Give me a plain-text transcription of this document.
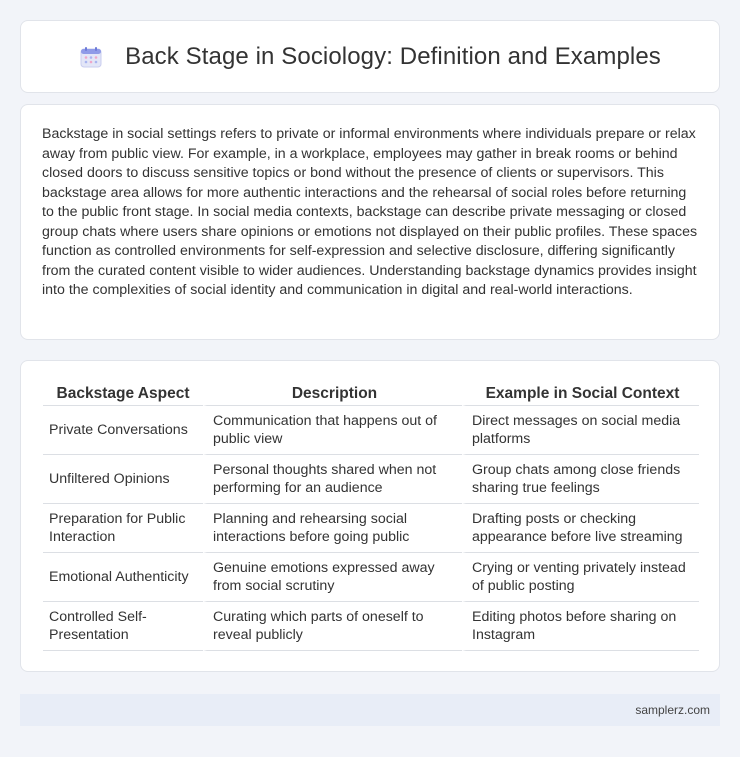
Back Stage in Sociology: Definition and Examples

Backstage in social settings refers to private or informal environments where individuals prepare or relax away from public view. For example, in a workplace, employees may gather in break rooms or behind closed doors to discuss sensitive topics or bond without the presence of clients or supervisors. This backstage area allows for more authentic interactions and the rehearsal of social roles before returning to the public front stage. In social media contexts, backstage can describe private messaging or closed group chats where users share opinions or emotions not displayed on their public profiles. These spaces function as controlled environments for self-expression and selective disclosure, differing significantly from the curated content visible to wider audiences. Understanding backstage dynamics provides insight into the complexities of social identity and communication in digital and real-world interactions.

Backstage Aspect	Description	Example in Social Context
Private Conversations	Communication that happens out of public view	Direct messages on social media platforms
Unfiltered Opinions	Personal thoughts shared when not performing for an audience	Group chats among close friends sharing true feelings
Preparation for Public Interaction	Planning and rehearsing social interactions before going public	Drafting posts or checking appearance before live streaming
Emotional Authenticity	Genuine emotions expressed away from social scrutiny	Crying or venting privately instead of public posting
Controlled Self-Presentation	Curating which parts of oneself to reveal publicly	Editing photos before sharing on Instagram
samplerz.com
